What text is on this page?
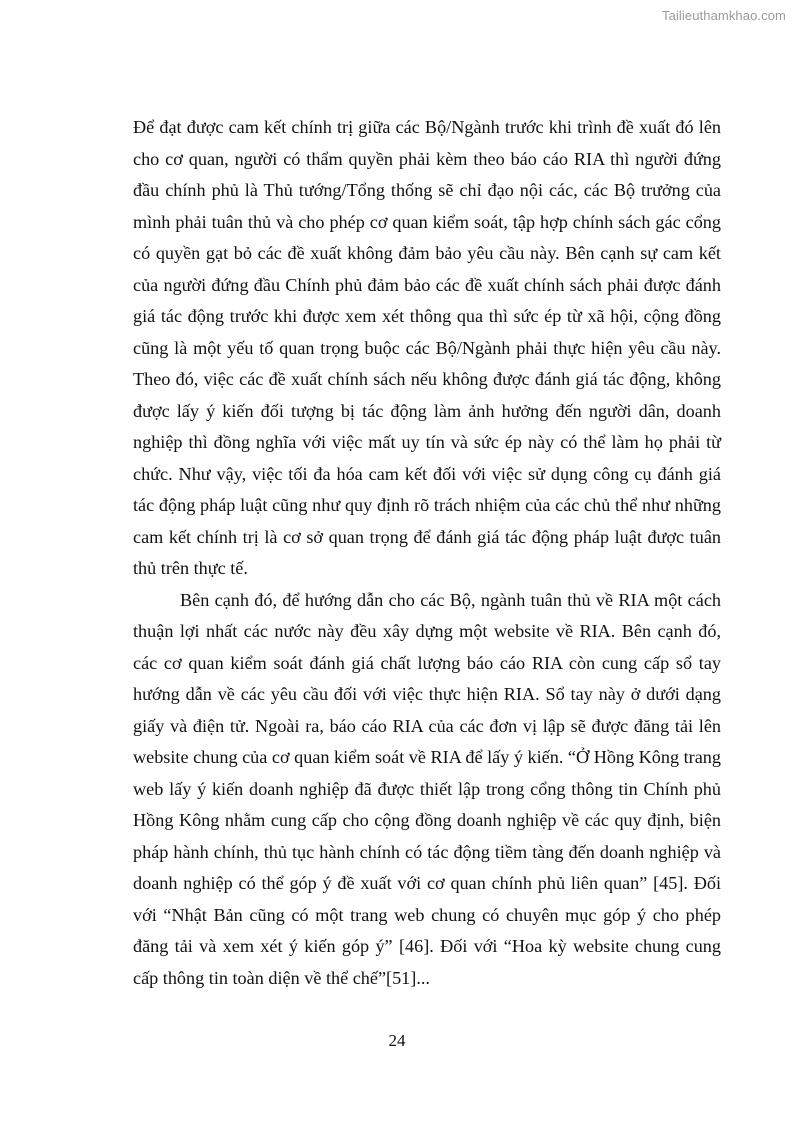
Tailieuthamkhao.com

Để đạt được cam kết chính trị giữa các Bộ/Ngành trước khi trình đề xuất đó lên cho cơ quan, người có thẩm quyền phải kèm theo báo cáo RIA thì người đứng đầu chính phủ là Thủ tướng/Tổng thống sẽ chỉ đạo nội các, các Bộ trưởng của mình phải tuân thủ và cho phép cơ quan kiểm soát, tập hợp chính sách gác cổng có quyền gạt bỏ các đề xuất không đảm bảo yêu cầu này. Bên cạnh sự cam kết của người đứng đầu Chính phủ đảm bảo các đề xuất chính sách phải được đánh giá tác động trước khi được xem xét thông qua thì sức ép từ xã hội, cộng đồng cũng là một yếu tố quan trọng buộc các Bộ/Ngành phải thực hiện yêu cầu này. Theo đó, việc các đề xuất chính sách nếu không được đánh giá tác động, không được lấy ý kiến đối tượng bị tác động làm ảnh hưởng đến người dân, doanh nghiệp thì đồng nghĩa với việc mất uy tín và sức ép này có thể làm họ phải từ chức. Như vậy, việc tối đa hóa cam kết đối với việc sử dụng công cụ đánh giá tác động pháp luật cũng như quy định rõ trách nhiệm của các chủ thể như những cam kết chính trị là cơ sở quan trọng để đánh giá tác động pháp luật được tuân thủ trên thực tế.

Bên cạnh đó, để hướng dẫn cho các Bộ, ngành tuân thủ về RIA một cách thuận lợi nhất các nước này đều xây dựng một website về RIA. Bên cạnh đó, các cơ quan kiểm soát đánh giá chất lượng báo cáo RIA còn cung cấp sổ tay hướng dẫn về các yêu cầu đối với việc thực hiện RIA. Sổ tay này ở dưới dạng giấy và điện tử. Ngoài ra, báo cáo RIA của các đơn vị lập sẽ được đăng tải lên website chung của cơ quan kiểm soát về RIA để lấy ý kiến. “Ở Hồng Kông trang web lấy ý kiến doanh nghiệp đã được thiết lập trong cổng thông tin Chính phủ Hồng Kông nhằm cung cấp cho cộng đồng doanh nghiệp về các quy định, biện pháp hành chính, thủ tục hành chính có tác động tiềm tàng đến doanh nghiệp và doanh nghiệp có thể góp ý đề xuất với cơ quan chính phủ liên quan” [45]. Đối với “Nhật Bản cũng có một trang web chung có chuyên mục góp ý cho phép đăng tải và xem xét ý kiến góp ý” [46]. Đối với “Hoa kỳ website chung cung cấp thông tin toàn diện về thể chế”[51]...

24
